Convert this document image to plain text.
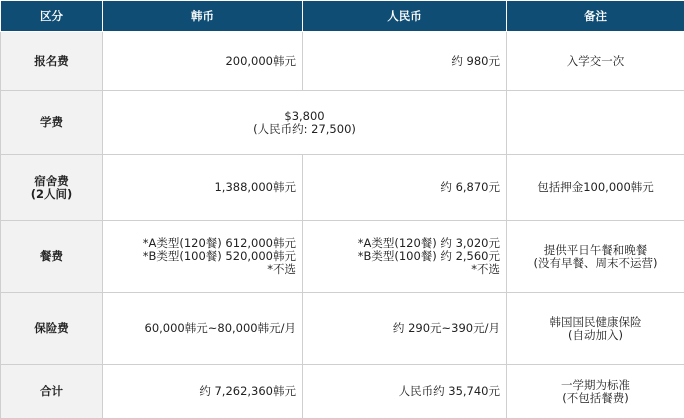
区分	韩币	人民币	备注

报名费	200,000韩元	约 980元	入学交一次

学费	$3,800
(人民币约: 27,500)		

宿舍费
(2人间)	1,388,000韩元	约 6,870元	包括押金100,000韩元

餐费	*A类型(120餐) 612,000韩元
*B类型(100餐) 520,000韩元
*不选	*A类型(120餐) 约 3,020元
*B类型(100餐) 约 2,560元
*不选	提供平日午餐和晚餐
(没有早餐、周末不运营)

保险费	60,000韩元~80,000韩元/月	约 290元~390元/月	韩国国民健康保险
(自动加入)

合计	约 7,262,360韩元	人民币约 35,740元	一学期为标准
(不包括餐费)
